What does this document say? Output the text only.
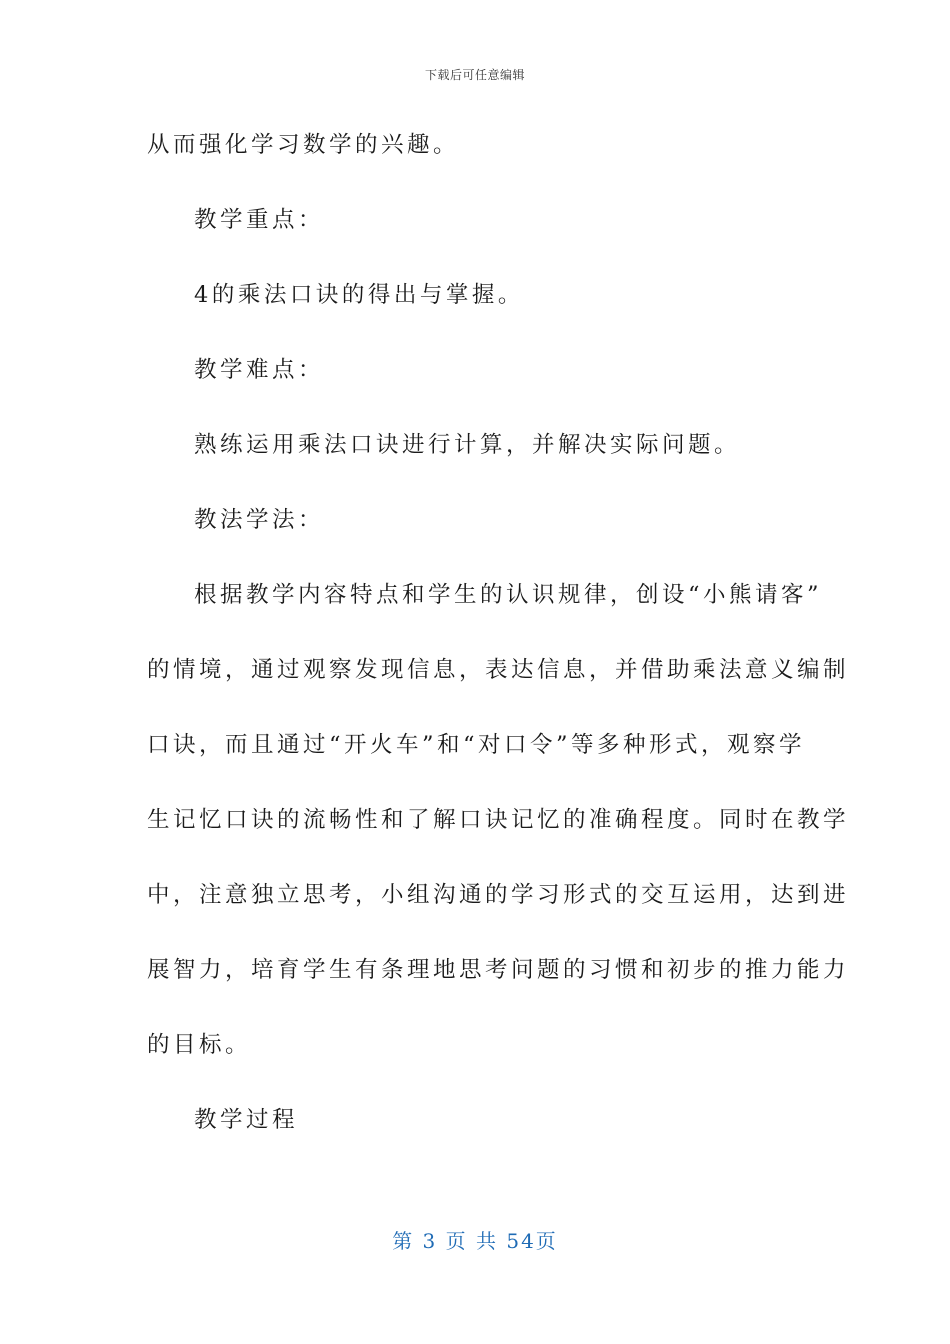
下载后可任意编辑

从而强化学习数学的兴趣。

教学重点：

4的乘法口诀的得出与掌握。

教学难点：

熟练运用乘法口诀进行计算，并解决实际问题。

教法学法：

根据教学内容特点和学生的认识规律，创设“小熊请客”

的情境，通过观察发现信息，表达信息，并借助乘法意义编制

口诀，而且通过“开火车”和“对口令”等多种形式，观察学

生记忆口诀的流畅性和了解口诀记忆的准确程度。同时在教学

中，注意独立思考，小组沟通的学习形式的交互运用，达到进

展智力，培育学生有条理地思考问题的习惯和初步的推力能力

的目标。

教学过程

第 3 页 共 54页
